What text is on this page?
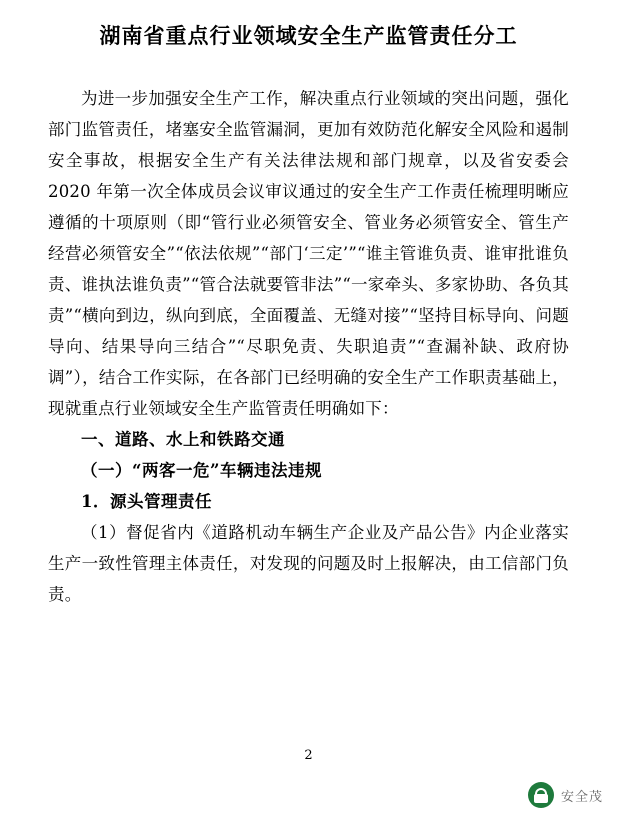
湖南省重点行业领域安全生产监管责任分工

为进一步加强安全生产工作，解决重点行业领域的突出问题，强化部门监管责任，堵塞安全监管漏洞，更加有效防范化解安全风险和遏制安全事故，根据安全生产有关法律法规和部门规章，以及省安委会 2020 年第一次全体成员会议审议通过的安全生产工作责任梳理明晰应遵循的十项原则（即“管行业必须管安全、管业务必须管安全、管生产经营必须管安全”“依法依规”“部门‘三定’”“谁主管谁负责、谁审批谁负责、谁执法谁负责”“管合法就要管非法”“一家牵头、多家协助、各负其责”“横向到边，纵向到底，全面覆盖、无缝对接”“坚持目标导向、问题导向、结果导向三结合”“尽职免责、失职追责”“查漏补缺、政府协调”），结合工作实际，在各部门已经明确的安全生产工作职责基础上，现就重点行业领域安全生产监管责任明确如下：

一、道路、水上和铁路交通

（一）“两客一危”车辆违法违规

1．源头管理责任

（1）督促省内《道路机动车辆生产企业及产品公告》内企业落实生产一致性管理主体责任，对发现的问题及时上报解决，由工信部门负责。

2
安全茂
